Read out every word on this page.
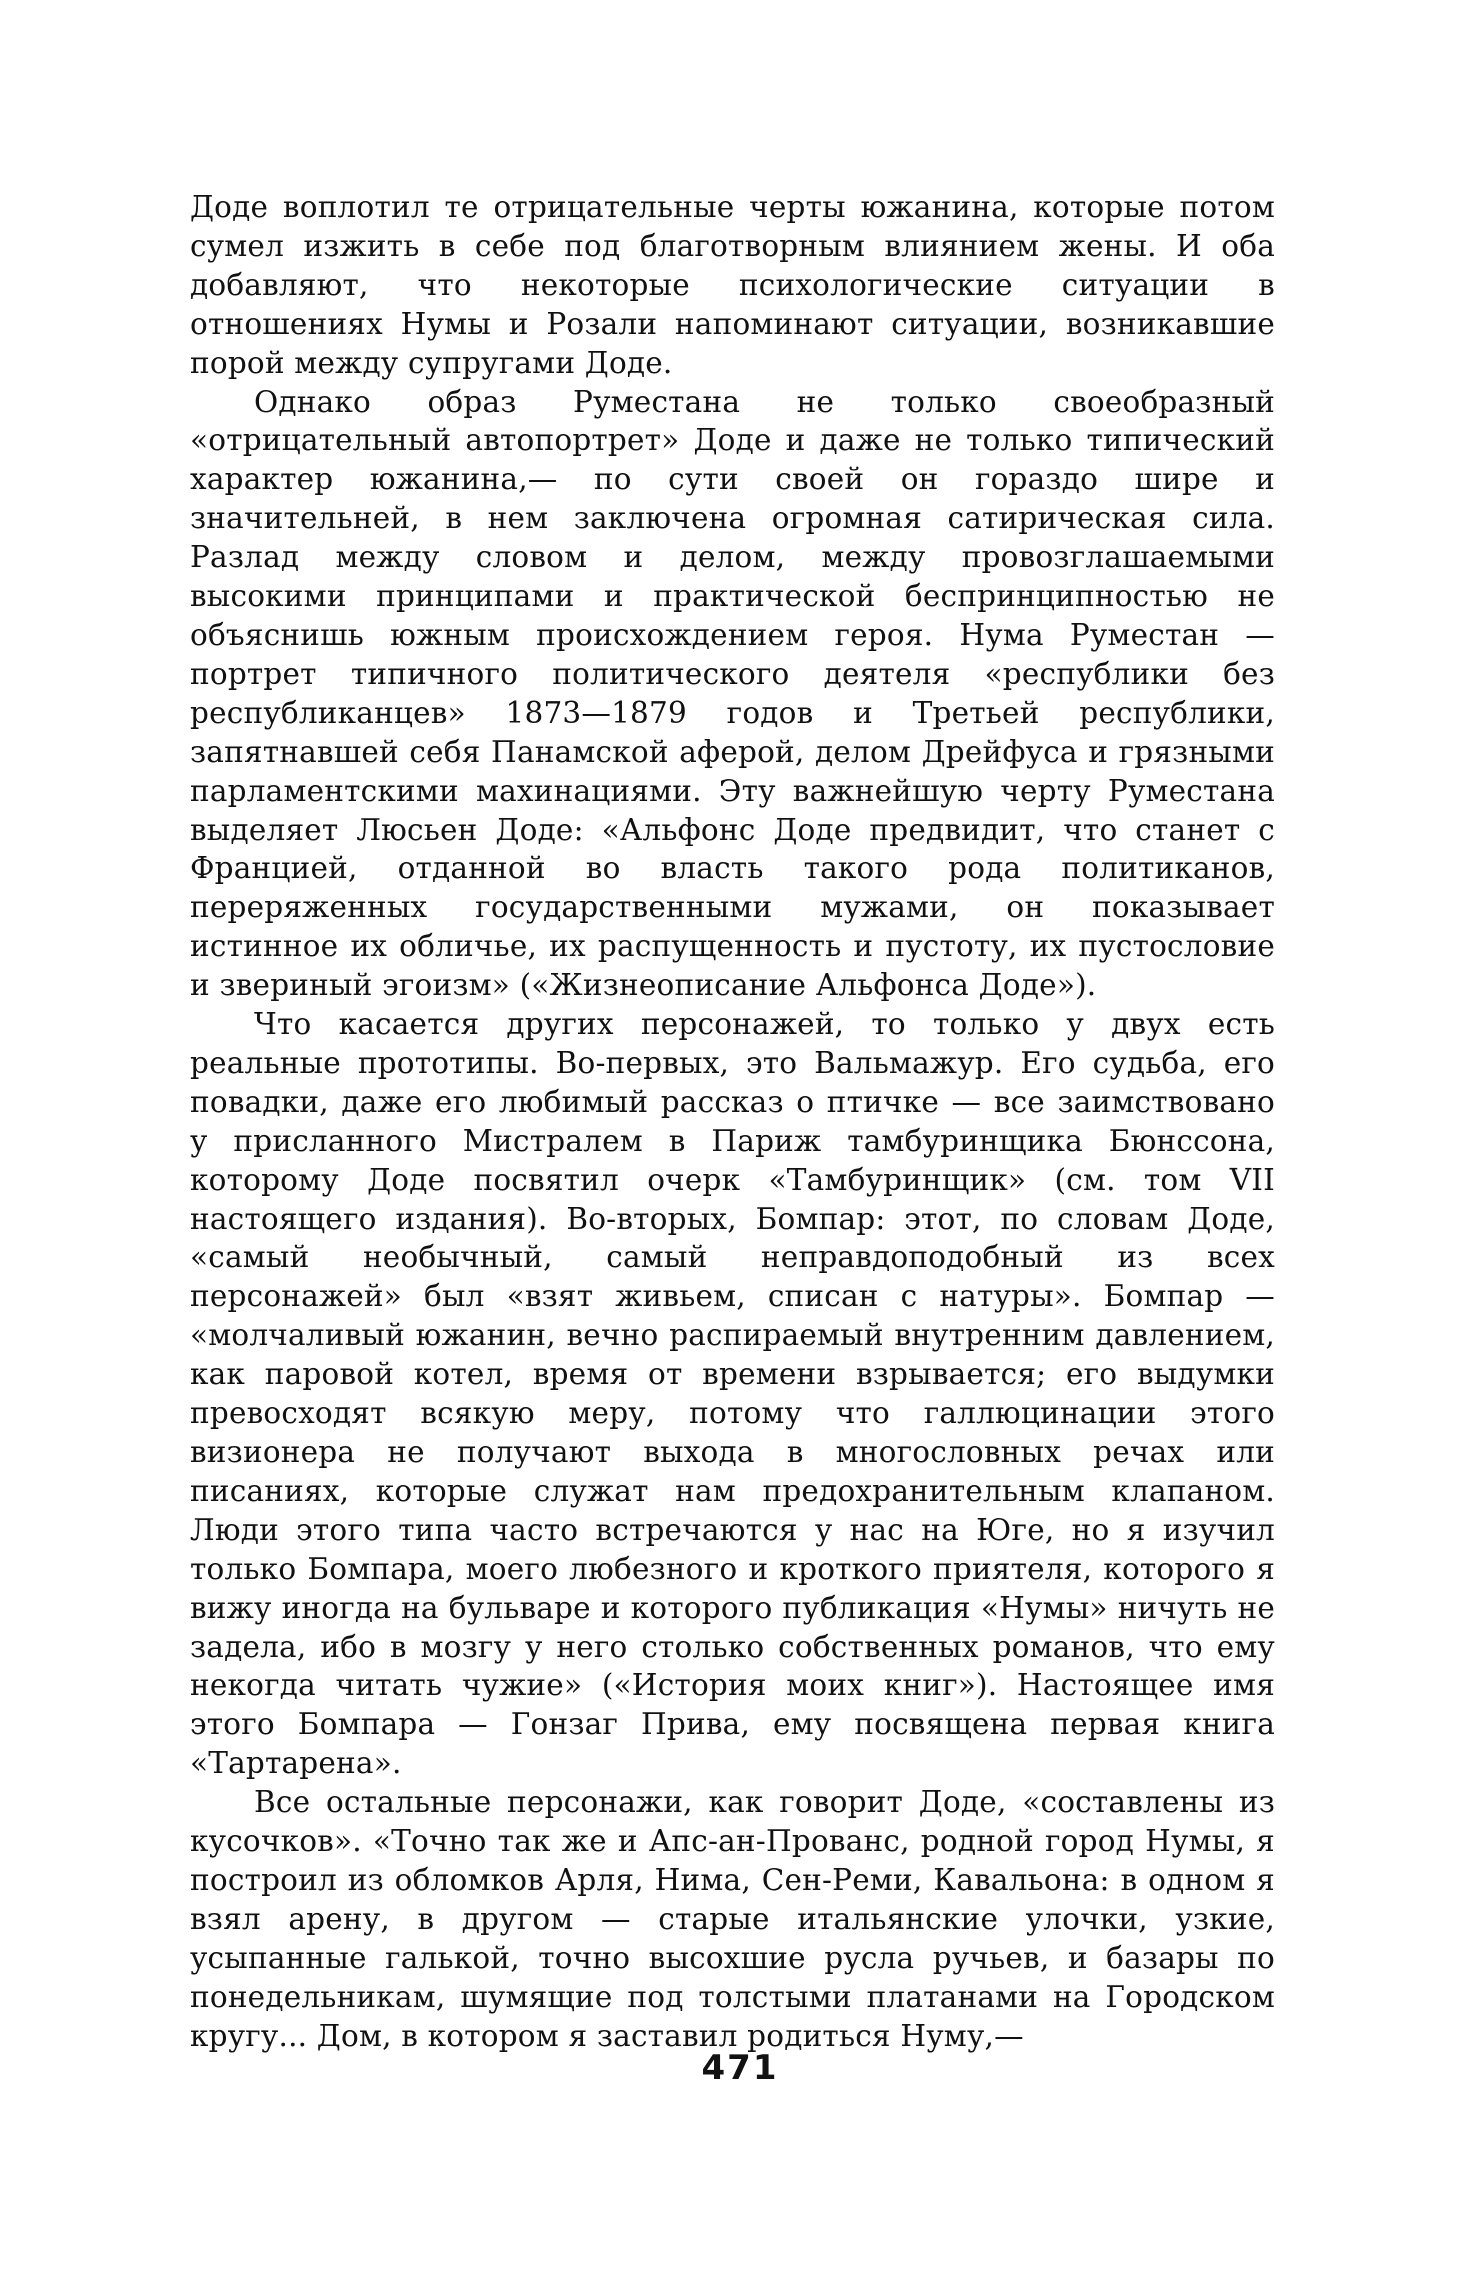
Доде воплотил те отрицательные черты южанина, которые потом сумел изжить в себе под благотворным влиянием жены. И оба добавляют, что некоторые психологические ситуации в отношениях Нумы и Розали напоминают ситуации, возникавшие порой между супругами Доде.

Однако образ Руместана не только своеобразный «отрицательный автопортрет» Доде и даже не только типический характер южанина,— по сути своей он гораздо шире и значительней, в нем заключена огромная сатирическая сила. Разлад между словом и делом, между провозглашаемыми высокими принципами и практической беспринципностью не объяснишь южным происхождением героя. Нума Руместан — портрет типичного политического деятеля «республики без республиканцев» 1873—1879 годов и Третьей республики, запятнавшей себя Панамской аферой, делом Дрейфуса и грязными парламентскими махинациями. Эту важнейшую черту Руместана выделяет Люсьен Доде: «Альфонс Доде предвидит, что станет с Францией, отданной во власть такого рода политиканов, переряженных государственными мужами, он показывает истинное их обличье, их распущенность и пустоту, их пустословие и звериный эгоизм» («Жизнеописание Альфонса Доде»).

Что касается других персонажей, то только у двух есть реальные прототипы. Во-первых, это Вальмажур. Его судьба, его повадки, даже его любимый рассказ о птичке — все заимствовано у присланного Мистралем в Париж тамбуринщика Бюнссона, которому Доде посвятил очерк «Тамбуринщик» (см. том VII настоящего издания). Во-вторых, Бомпар: этот, по словам Доде, «самый необычный, самый неправдоподобный из всех персонажей» был «взят живьем, списан с натуры». Бомпар — «молчаливый южанин, вечно распираемый внутренним давлением, как паровой котел, время от времени взрывается; его выдумки превосходят всякую меру, потому что галлюцинации этого визионера не получают выхода в многословных речах или писаниях, которые служат нам предохранительным клапаном. Люди этого типа часто встречаются у нас на Юге, но я изучил только Бомпара, моего любезного и кроткого приятеля, которого я вижу иногда на бульваре и которого публикация «Нумы» ничуть не задела, ибо в мозгу у него столько собственных романов, что ему некогда читать чужие» («История моих книг»). Настоящее имя этого Бомпара — Гонзаг Прива, ему посвящена первая книга «Тартарена».

Все остальные персонажи, как говорит Доде, «составлены из кусочков». «Точно так же и Апс-ан-Прованс, родной город Нумы, я построил из обломков Арля, Нима, Сен-Реми, Кавальона: в одном я взял арену, в другом — старые итальянские улочки, узкие, усыпанные галькой, точно высохшие русла ручьев, и базары по понедельникам, шумящие под толстыми платанами на Городском кругу... Дом, в котором я заставил родиться Нуму,—

471
